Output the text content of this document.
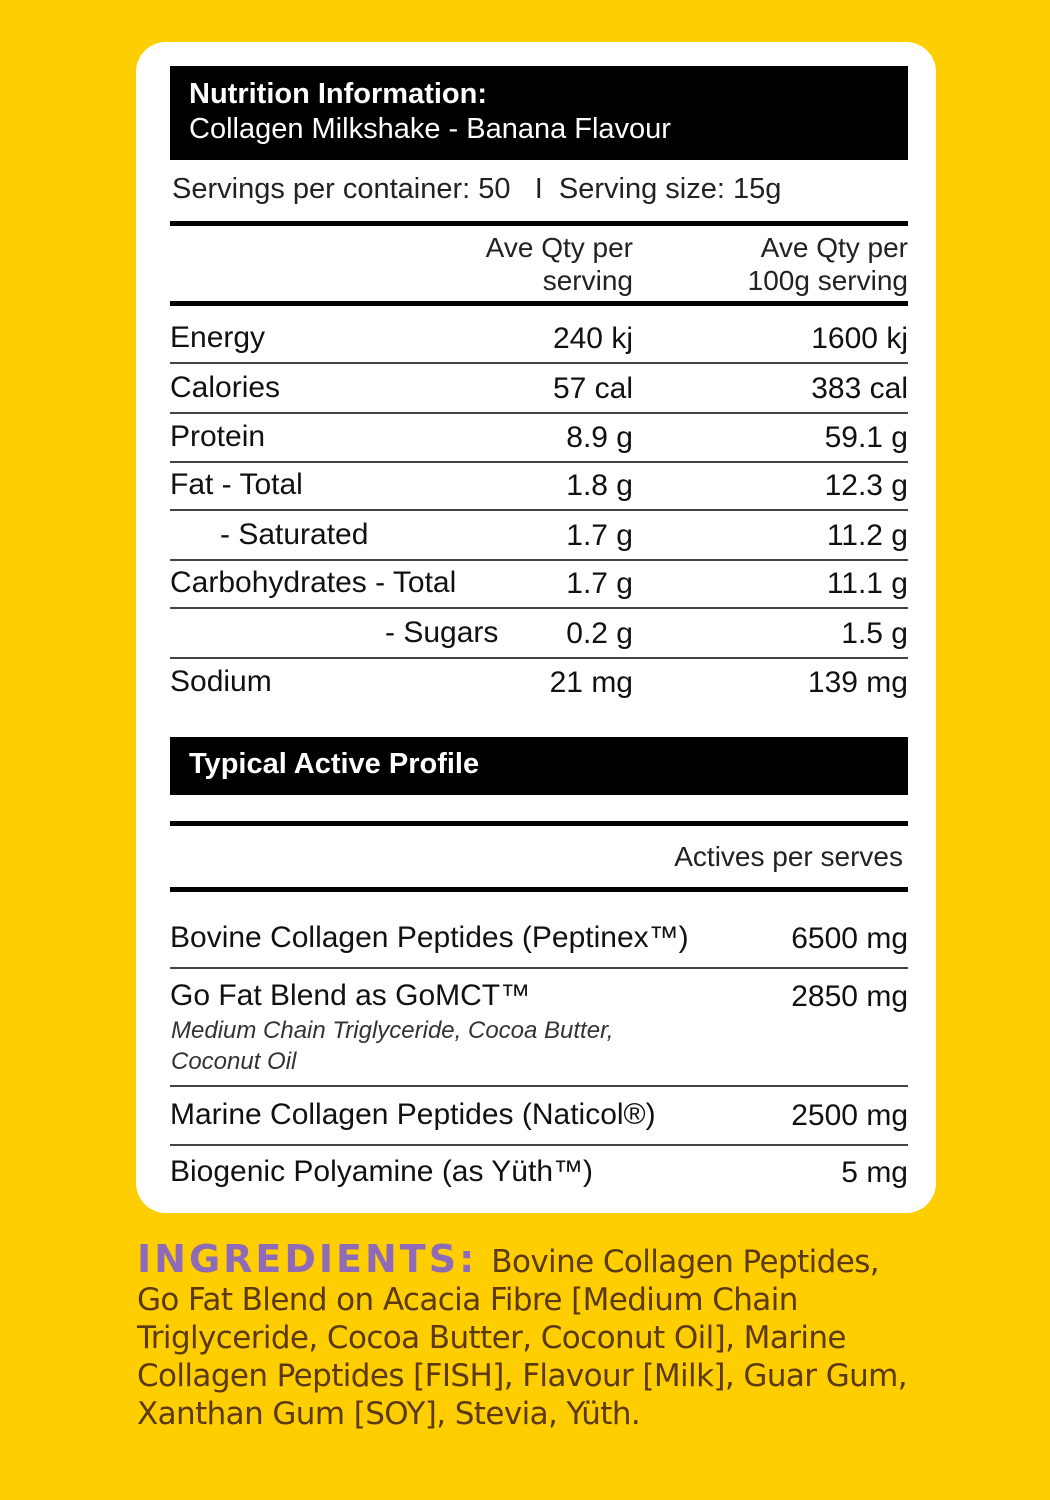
Nutrition Information:
Collagen Milkshake - Banana Flavour
Servings per container: 50   I  Serving size: 15g
Ave Qty per
serving
Ave Qty per
100g serving
Energy	240 kj	1600 kj
Calories	57 cal	383 cal
Protein	8.9 g	59.1 g
Fat - Total	1.8 g	12.3 g
- Saturated	1.7 g	11.2 g
Carbohydrates - Total	1.7 g	11.1 g
- Sugars 0.2 g	1.5 g
Sodium	21 mg	139 mg
Typical Active Profile
Actives per serves
Bovine Collagen Peptides (Peptinex™)	6500 mg
Go Fat Blend as GoMCT™	2850 mg
Medium Chain Triglyceride, Cocoa Butter,
Coconut Oil
Marine Collagen Peptides (Naticol®)	2500 mg
Biogenic Polyamine (as Yüth™)	5 mg
INGREDIENTS: Bovine Collagen Peptides,
Go Fat Blend on Acacia Fibre [Medium Chain
Triglyceride, Cocoa Butter, Coconut Oil], Marine
Collagen Peptides [FISH], Flavour [Milk], Guar Gum,
Xanthan Gum [SOY], Stevia, Yüth.
